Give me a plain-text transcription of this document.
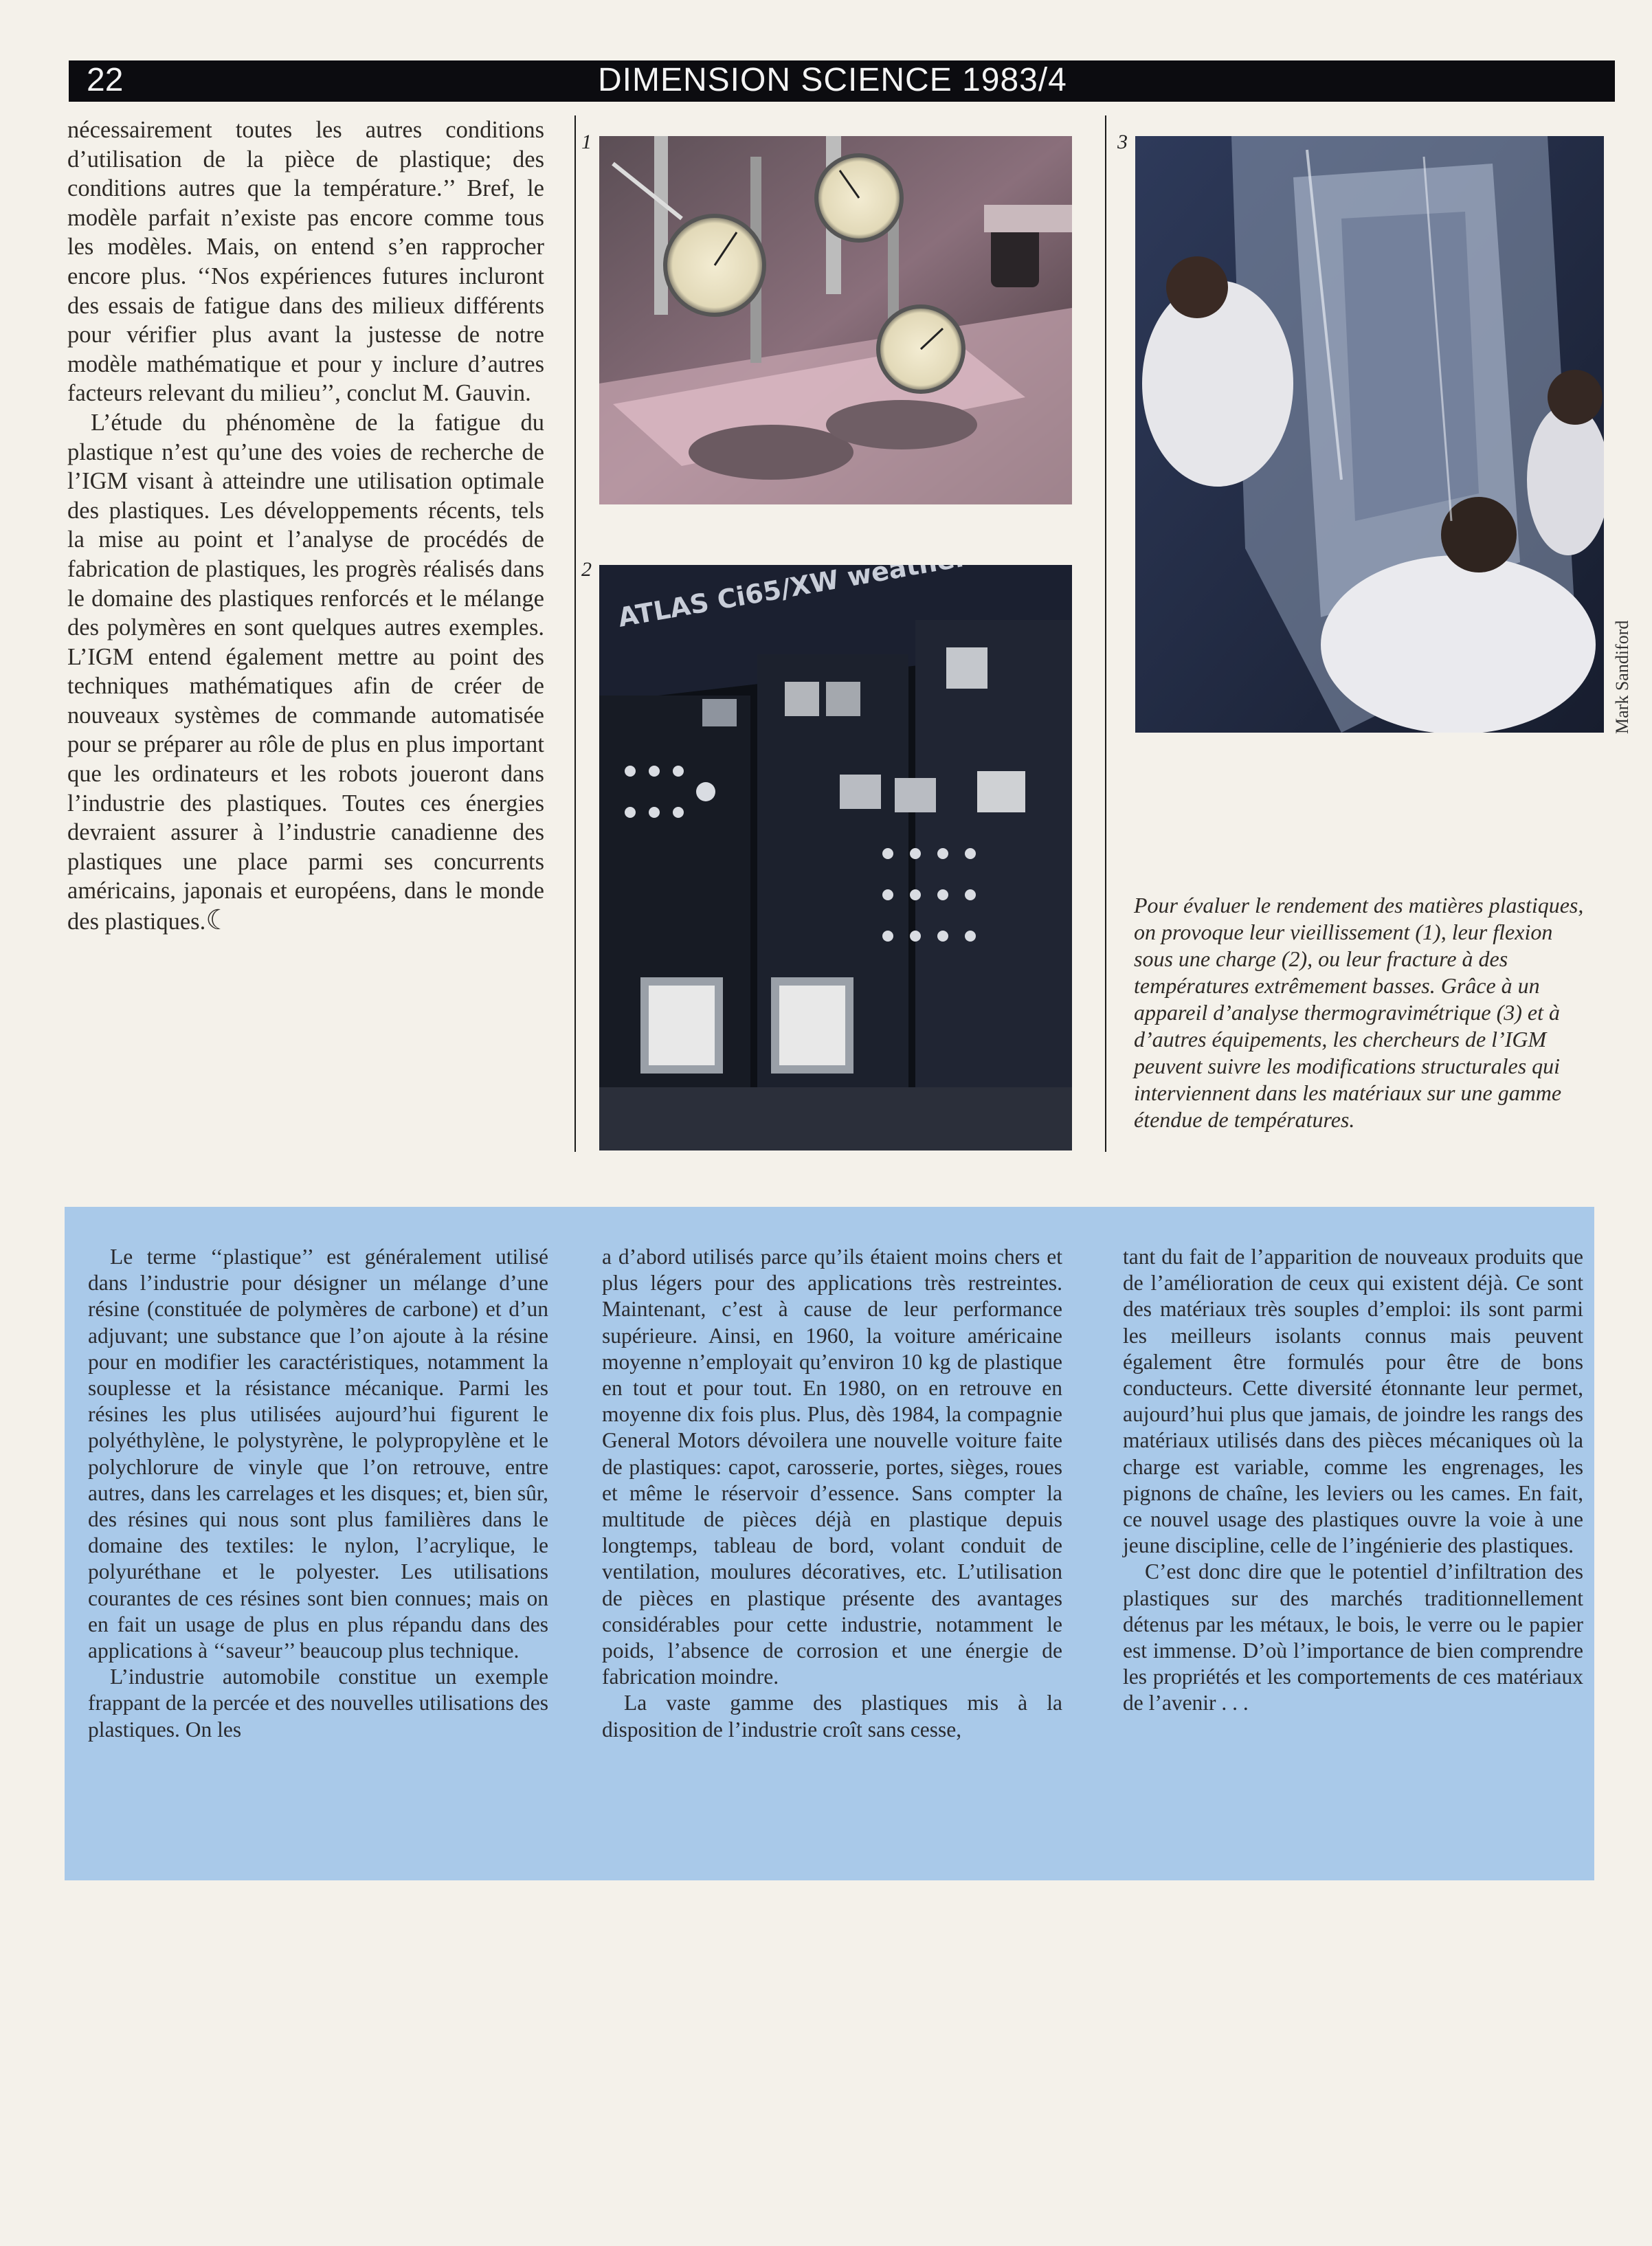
22	DIMENSION SCIENCE 1983/4

nécessairement toutes les autres conditions d’utilisation de la pièce de plastique; des conditions autres que la température.’’ Bref, le modèle parfait n’existe pas encore comme tous les modèles. Mais, on entend s’en rapprocher encore plus. ‘‘Nos expériences futures incluront des essais de fatigue dans des milieux différents pour vérifier plus avant la justesse de notre modèle mathématique et pour y inclure d’autres facteurs relevant du milieu’’, conclut M. Gauvin.

L’étude du phénomène de la fatigue du plastique n’est qu’une des voies de recherche de l’IGM visant à atteindre une utilisation optimale des plastiques. Les développements récents, tels la mise au point et l’analyse de procédés de fabrication de plastiques, les progrès réalisés dans le domaine des plastiques renforcés et le mélange des polymères en sont quelques autres exemples. L’IGM entend également mettre au point des techniques mathématiques afin de créer de nouveaux systèmes de commande automatisée pour se préparer au rôle de plus en plus important que les ordinateurs et les robots joueront dans l’industrie des plastiques. Toutes ces énergies devraient assurer à l’industrie canadienne des plastiques une place parmi ses concurrents américains, japonais et européens, dans le monde des plastiques.☾

1
2
3
Mark Sandiford
Pour évaluer le rendement des matières plastiques, on provoque leur vieillissement (1), leur flexion sous une charge (2), ou leur fracture à des températures extrêmement basses. Grâce à un appareil d’analyse thermogravimétrique (3) et à d’autres équipements, les chercheurs de l’IGM peuvent suivre les modifications structurales qui interviennent dans les matériaux sur une gamme étendue de températures.

Le terme ‘‘plastique’’ est généralement utilisé dans l’industrie pour désigner un mélange d’une résine (constituée de polymères de carbone) et d’un adjuvant; une substance que l’on ajoute à la résine pour en modifier les caractéristiques, notamment la souplesse et la résistance mécanique. Parmi les résines les plus utilisées aujourd’hui figurent le polyéthylène, le polystyrène, le polypropylène et le polychlorure de vinyle que l’on retrouve, entre autres, dans les carrelages et les disques; et, bien sûr, des résines qui nous sont plus familières dans le domaine des textiles: le nylon, l’acrylique, le polyuréthane et le polyester. Les utilisations courantes de ces résines sont bien connues; mais on en fait un usage de plus en plus répandu dans des applications à ‘‘saveur’’ beaucoup plus technique.

L’industrie automobile constitue un exemple frappant de la percée et des nouvelles utilisations des plastiques. On les

a d’abord utilisés parce qu’ils étaient moins chers et plus légers pour des applications très restreintes. Maintenant, c’est à cause de leur performance supérieure. Ainsi, en 1960, la voiture américaine moyenne n’employait qu’environ 10 kg de plastique en tout et pour tout. En 1980, on en retrouve en moyenne dix fois plus. Plus, dès 1984, la compagnie General Motors dévoilera une nouvelle voiture faite de plastiques: capot, carosserie, portes, sièges, roues et même le réservoir d’essence. Sans compter la multitude de pièces déjà en plastique depuis longtemps, tableau de bord, volant conduit de ventilation, moulures décoratives, etc. L’utilisation de pièces en plastique présente des avantages considérables pour cette industrie, notamment le poids, l’absence de corrosion et une énergie de fabrication moindre.

La vaste gamme des plastiques mis à la disposition de l’industrie croît sans cesse,

tant du fait de l’apparition de nouveaux produits que de l’amélioration de ceux qui existent déjà. Ce sont des matériaux très souples d’emploi: ils sont parmi les meilleurs isolants connus mais peuvent également être formulés pour être de bons conducteurs. Cette diversité étonnante leur permet, aujourd’hui plus que jamais, de joindre les rangs des matériaux utilisés dans des pièces mécaniques où la charge est variable, comme les engrenages, les pignons de chaîne, les leviers ou les cames. En fait, ce nouvel usage des plastiques ouvre la voie à une jeune discipline, celle de l’ingénierie des plastiques.

C’est donc dire que le potentiel d’infiltration des plastiques sur des marchés traditionnellement détenus par les métaux, le bois, le verre ou le papier est immense. D’où l’importance de bien comprendre les propriétés et les comportements de ces matériaux de l’avenir . . .
